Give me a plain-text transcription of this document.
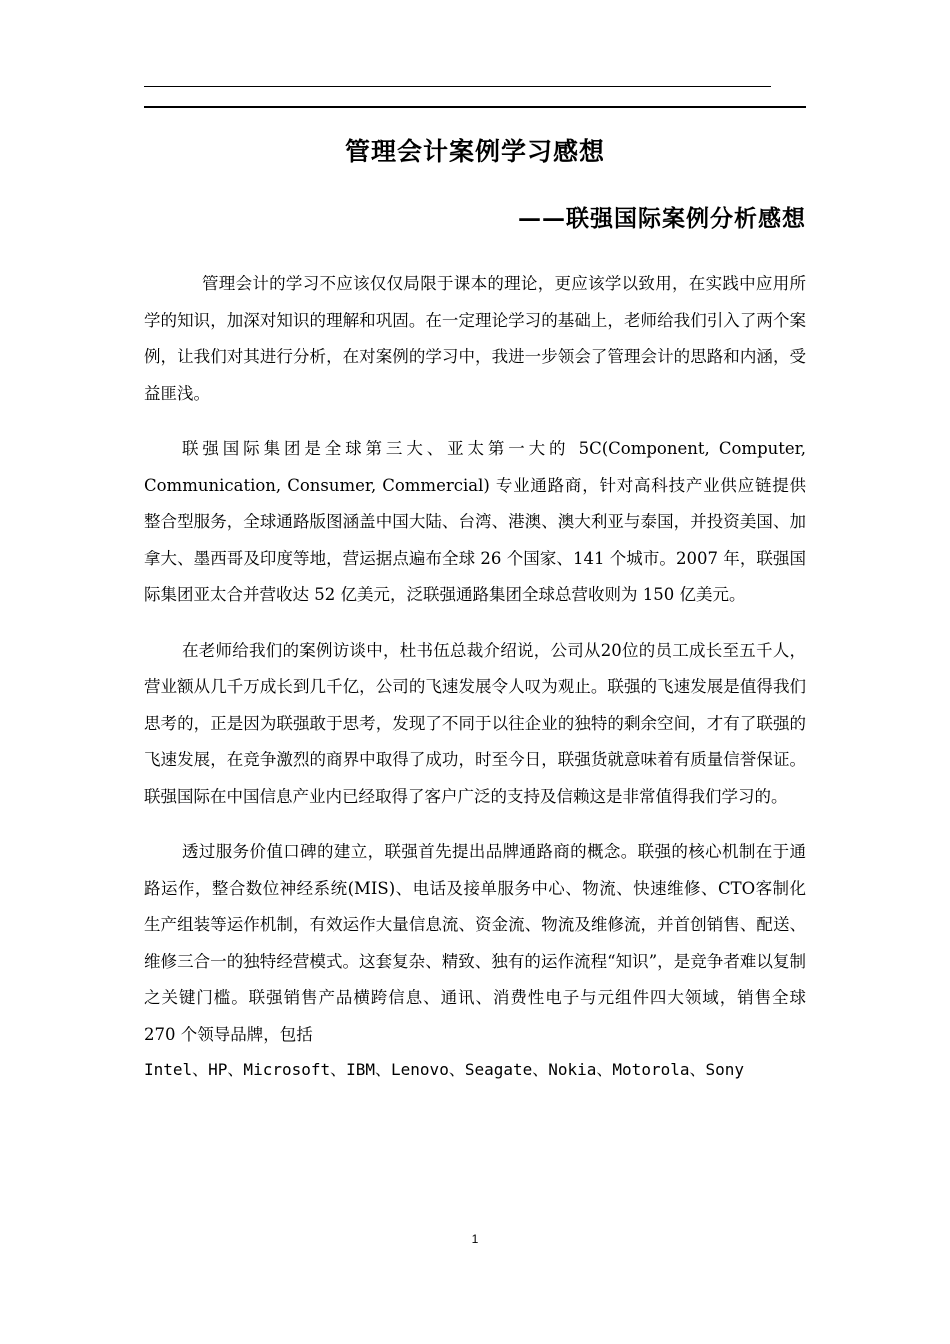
管理会计案例学习感想
——联强国际案例分析感想

管理会计的学习不应该仅仅局限于课本的理论，更应该学以致用，在实践中应用所学的知识，加深对知识的理解和巩固。在一定理论学习的基础上，老师给我们引入了两个案例，让我们对其进行分析，在对案例的学习中，我进一步领会了管理会计的思路和内涵，受益匪浅。

联强国际集团是全球第三大、亚太第一大的 5C(Component, Computer, Communication, Consumer, Commercial) 专业通路商，针对高科技产业供应链提供整合型服务，全球通路版图涵盖中国大陆、台湾、港澳、澳大利亚与泰国，并投资美国、加拿大、墨西哥及印度等地，营运据点遍布全球 26 个国家、141 个城市。2007 年，联强国际集团亚太合并营收达 52 亿美元，泛联强通路集团全球总营收则为 150 亿美元。

在老师给我们的案例访谈中，杜书伍总裁介绍说，公司从20位的员工成长至五千人，营业额从几千万成长到几千亿，公司的飞速发展令人叹为观止。联强的飞速发展是值得我们思考的，正是因为联强敢于思考，发现了不同于以往企业的独特的剩余空间，才有了联强的飞速发展，在竞争激烈的商界中取得了成功，时至今日，联强货就意味着有质量信誉保证。联强国际在中国信息产业内已经取得了客户广泛的支持及信赖这是非常值得我们学习的。

透过服务价值口碑的建立，联强首先提出品牌通路商的概念。联强的核心机制在于通路运作，整合数位神经系统(MIS)、电话及接单服务中心、物流、快速维修、CTO客制化生产组装等运作机制，有效运作大量信息流、资金流、物流及维修流，并首创销售、配送、维修三合一的独特经营模式。这套复杂、精致、独有的运作流程“知识”，是竞争者难以复制之关键门槛。联强销售产品横跨信息、通讯、消费性电子与元组件四大领域，销售全球 270 个领导品牌，包括

Intel、HP、Microsoft、IBM、Lenovo、Seagate、Nokia、Motorola、Sony
1
